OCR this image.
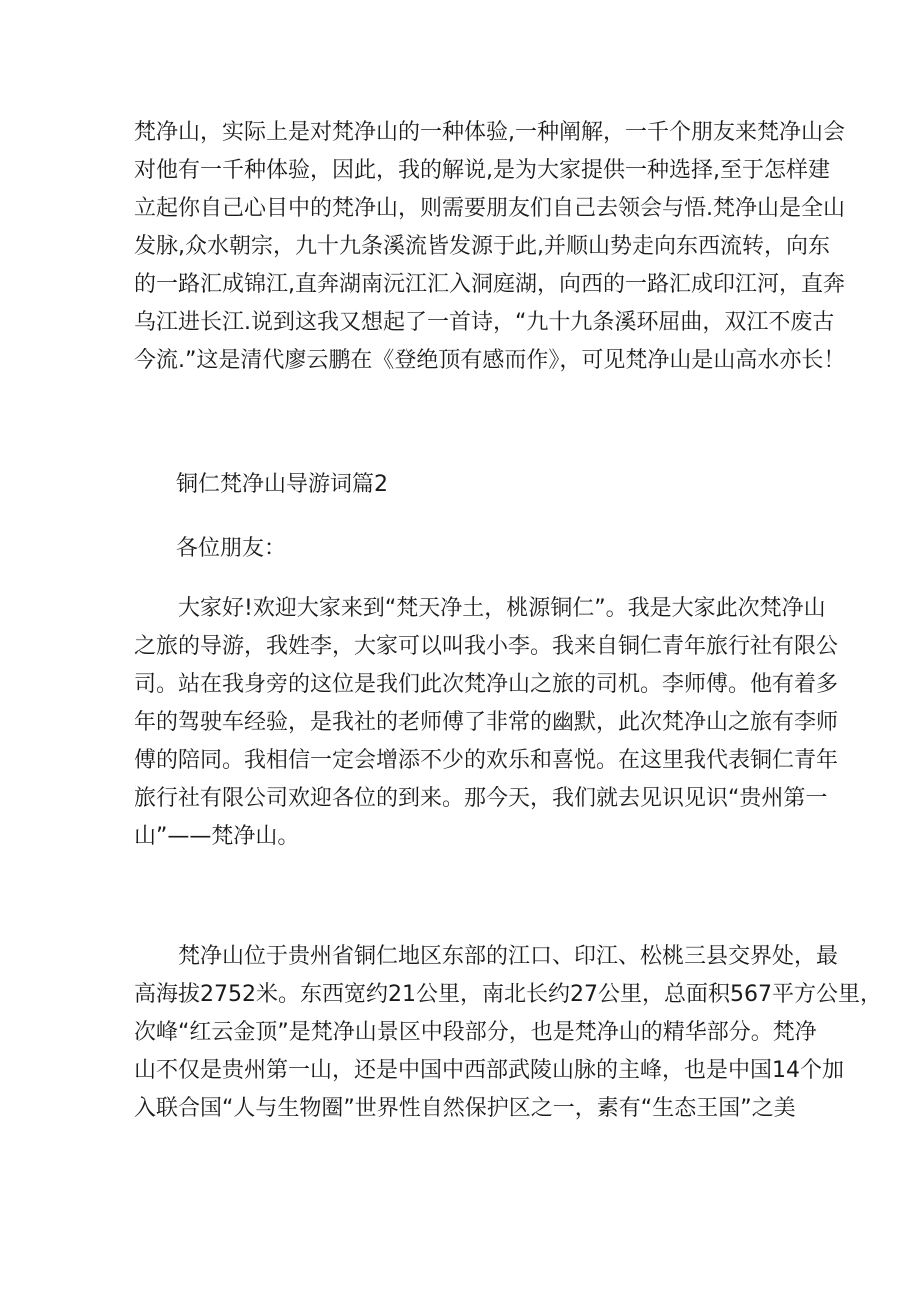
梵净山，实际上是对梵净山的一种体验,一种阐解，一千个朋友来梵净山会
对他有一千种体验，因此，我的解说,是为大家提供一种选择,至于怎样建
立起你自己心目中的梵净山，则需要朋友们自己去领会与悟.梵净山是全山
发脉,众水朝宗，九十九条溪流皆发源于此,并顺山势走向东西流转，向东
的一路汇成锦江,直奔湖南沅江汇入洞庭湖，向西的一路汇成印江河，直奔
乌江进长江.说到这我又想起了一首诗，“九十九条溪环屈曲，双江不废古
今流.”这是清代廖云鹏在《登绝顶有感而作》，可见梵净山是山高水亦长！
铜仁梵净山导游词篇2
各位朋友：
　　大家好!欢迎大家来到“梵天净土，桃源铜仁”。我是大家此次梵净山
之旅的导游，我姓李，大家可以叫我小李。我来自铜仁青年旅行社有限公
司。站在我身旁的这位是我们此次梵净山之旅的司机。李师傅。他有着多
年的驾驶车经验，是我社的老师傅了非常的幽默，此次梵净山之旅有李师
傅的陪同。我相信一定会增添不少的欢乐和喜悦。在这里我代表铜仁青年
旅行社有限公司欢迎各位的到来。那今天，我们就去见识见识“贵州第一
山”——梵净山。
　　梵净山位于贵州省铜仁地区东部的江口、印江、松桃三县交界处，最
高海拔2752米。东西宽约21公里，南北长约27公里，总面积567平方公里，
次峰“红云金顶”是梵净山景区中段部分，也是梵净山的精华部分。梵净
山不仅是贵州第一山，还是中国中西部武陵山脉的主峰，也是中国14个加
入联合国“人与生物圈”世界性自然保护区之一，素有“生态王国”之美
